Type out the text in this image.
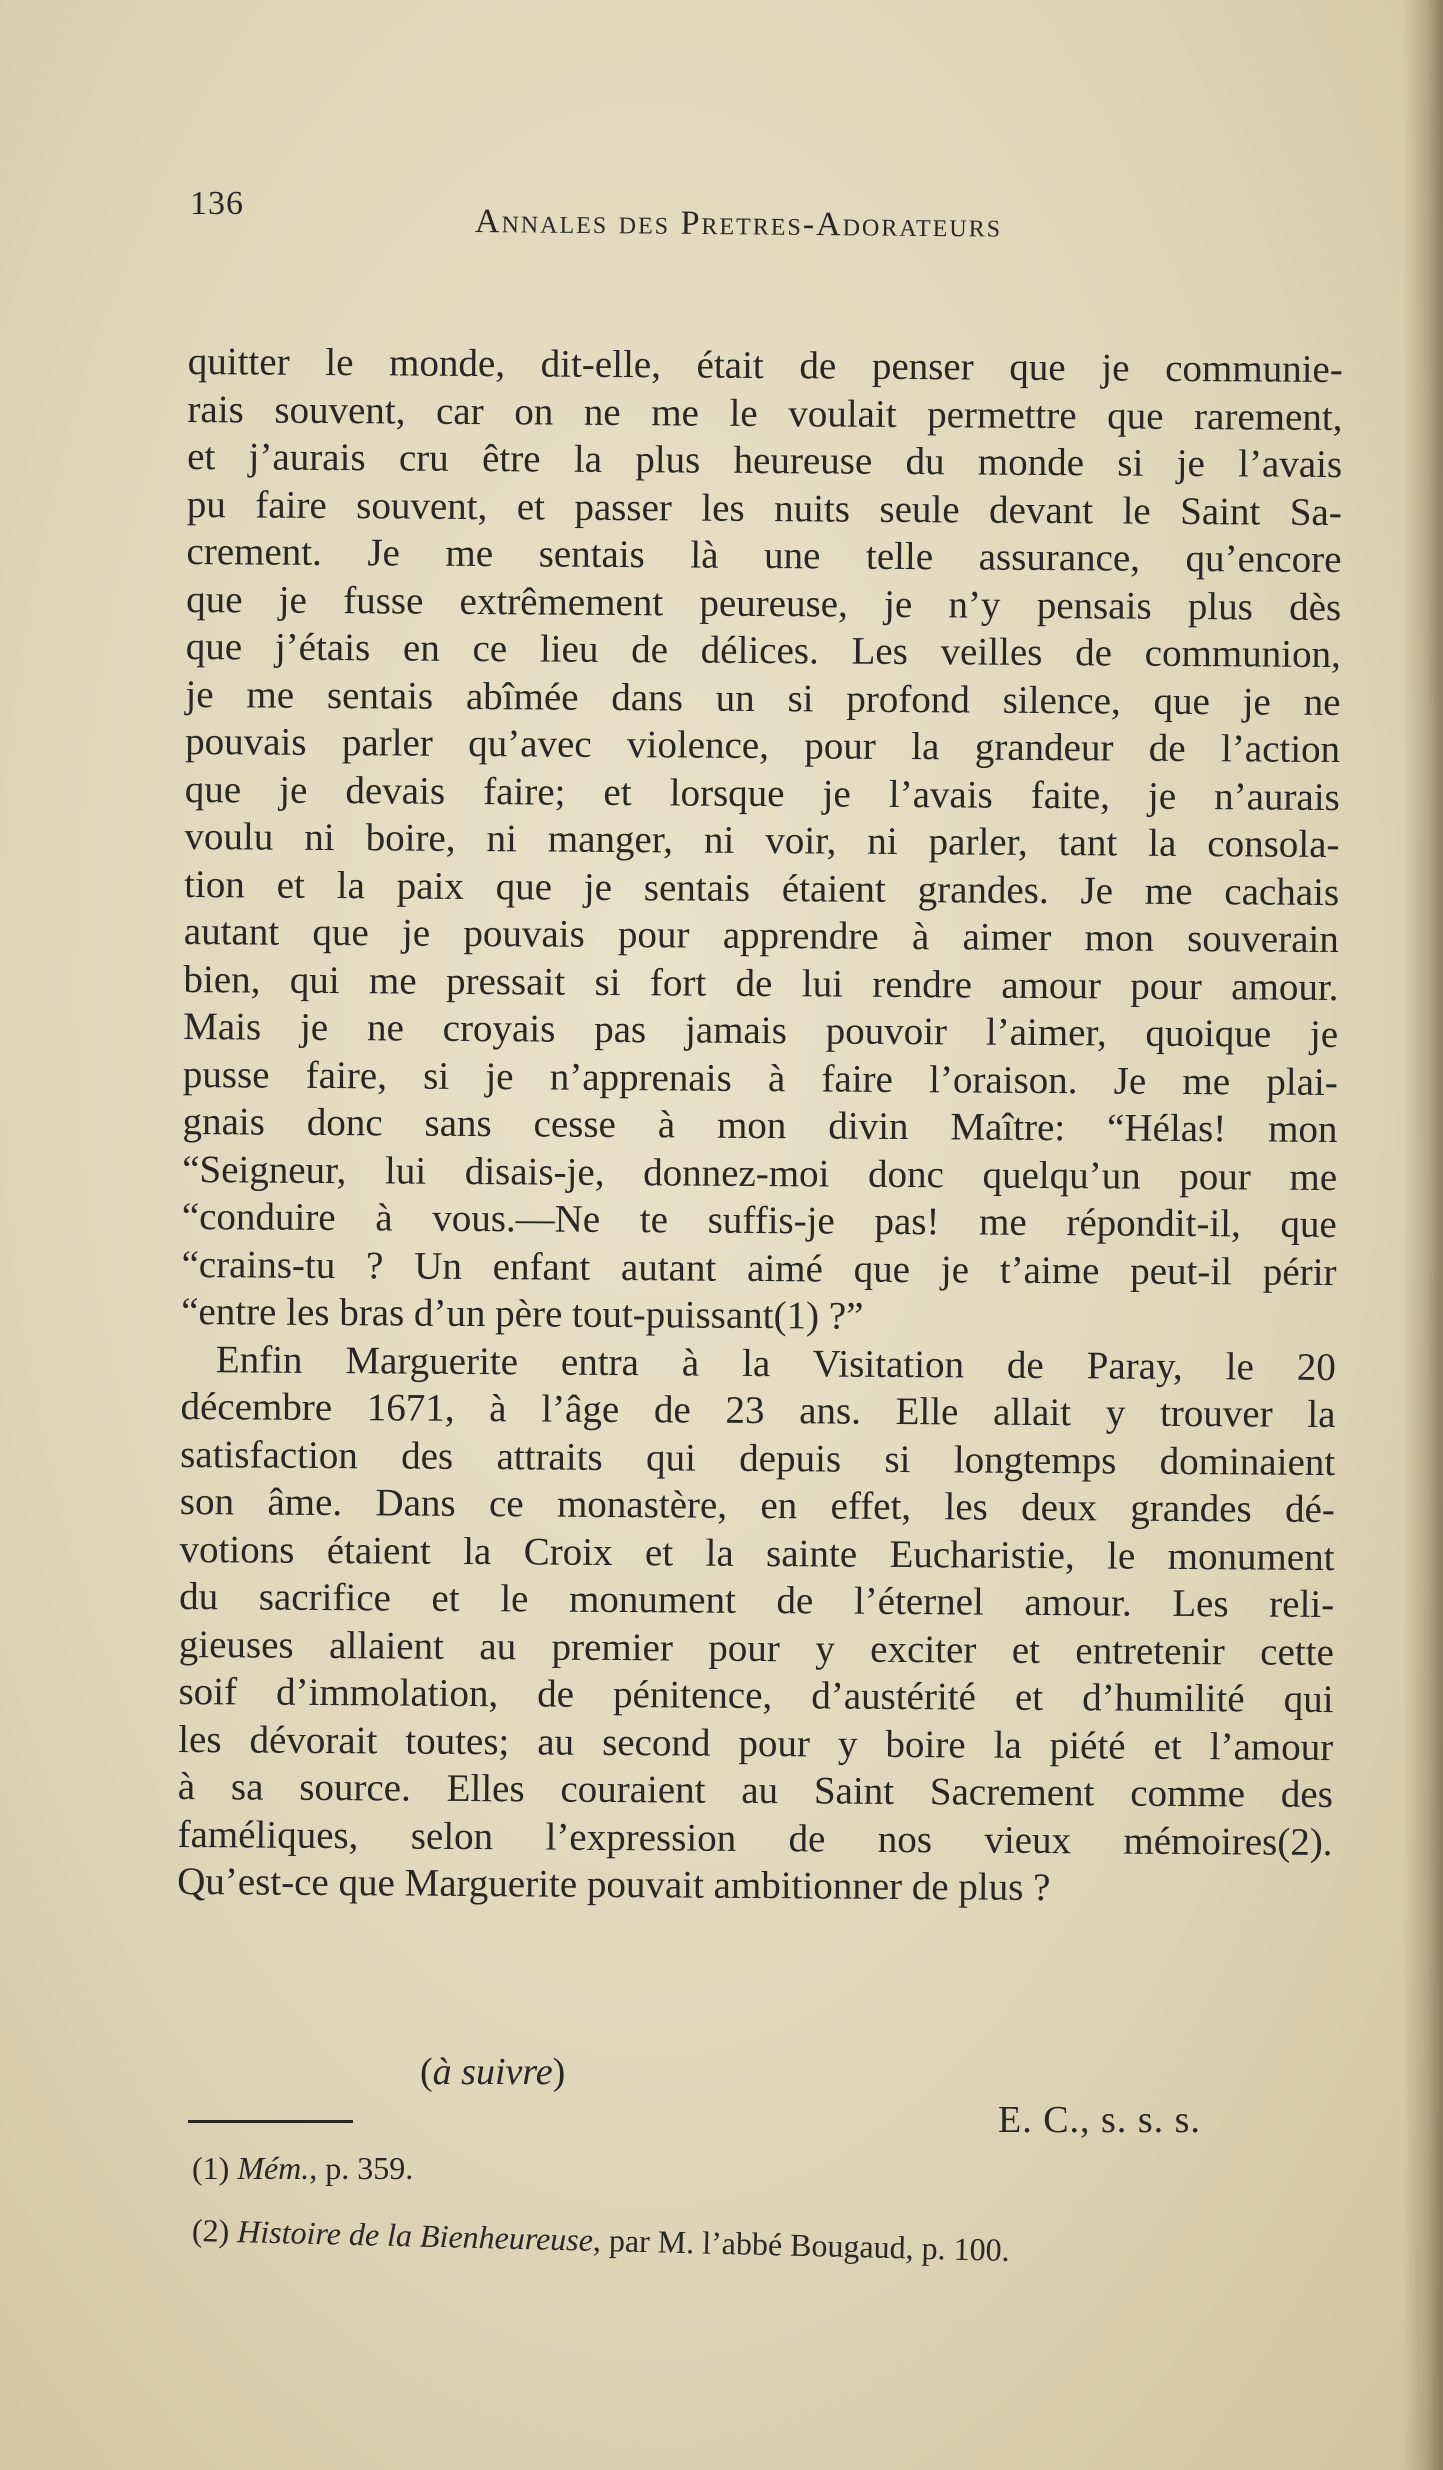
136	Annales des Pretres-Adorateurs
quitter le monde, dit-elle, était de penser que je communie-
rais souvent, car on ne me le voulait permettre que rarement,
et j’aurais cru être la plus heureuse du monde si je l’avais
pu faire souvent, et passer les nuits seule devant le Saint Sa-
crement. Je me sentais là une telle assurance, qu’encore
que je fusse extrêmement peureuse, je n’y pensais plus dès
que j’étais en ce lieu de délices. Les veilles de communion,
je me sentais abîmée dans un si profond silence, que je ne
pouvais parler qu’avec violence, pour la grandeur de l’action
que je devais faire; et lorsque je l’avais faite, je n’aurais
voulu ni boire, ni manger, ni voir, ni parler, tant la consola-
tion et la paix que je sentais étaient grandes. Je me cachais
autant que je pouvais pour apprendre à aimer mon souverain
bien, qui me pressait si fort de lui rendre amour pour amour.
Mais je ne croyais pas jamais pouvoir l’aimer, quoique je
pusse faire, si je n’apprenais à faire l’oraison. Je me plai-
gnais donc sans cesse à mon divin Maître: “Hélas! mon
“Seigneur, lui disais-je, donnez-moi donc quelqu’un pour me
“conduire à vous.—Ne te suffis-je pas! me répondit-il, que
“crains-tu ? Un enfant autant aimé que je t’aime peut-il périr
“entre les bras d’un père tout-puissant(1) ?”
Enfin Marguerite entra à la Visitation de Paray, le 20
décembre 1671, à l’âge de 23 ans. Elle allait y trouver la
satisfaction des attraits qui depuis si longtemps dominaient
son âme. Dans ce monastère, en effet, les deux grandes dé-
votions étaient la Croix et la sainte Eucharistie, le monument
du sacrifice et le monument de l’éternel amour. Les reli-
gieuses allaient au premier pour y exciter et entretenir cette
soif d’immolation, de pénitence, d’austérité et d’humilité qui
les dévorait toutes; au second pour y boire la piété et l’amour
à sa source. Elles couraient au Saint Sacrement comme des
faméliques, selon l’expression de nos vieux mémoires(2).
Qu’est-ce que Marguerite pouvait ambitionner de plus ?
(à suivre)
E. C., s. s. s.
(1) Mém., p. 359.
(2) Histoire de la Bienheureuse, par M. l’abbé Bougaud, p. 100.
